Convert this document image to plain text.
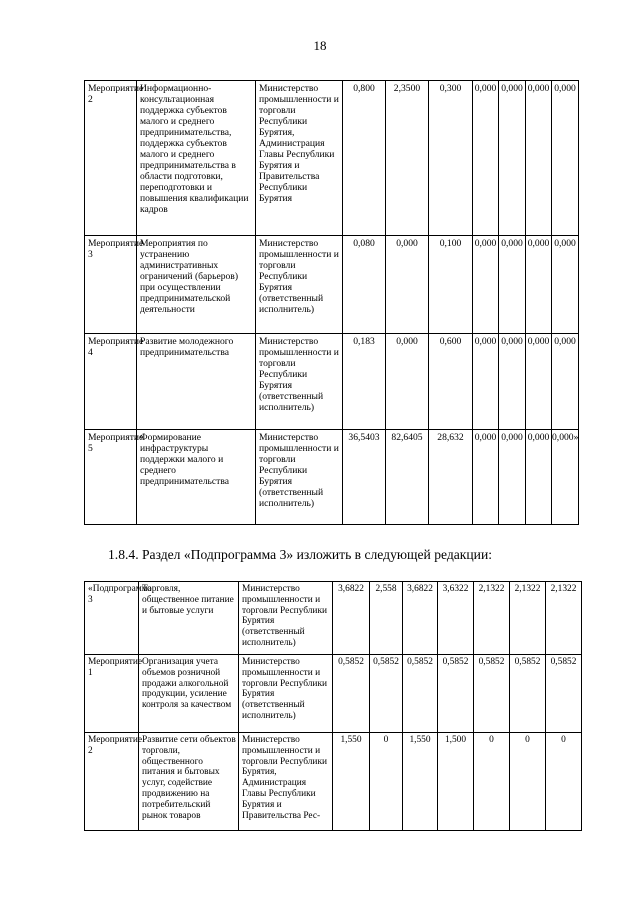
18
Мероприятие 2	Информационно-консультационная поддержка субъектов малого и среднего предпринимательства, поддержка субъектов малого и среднего предпринимательства в области подготовки, переподготовки и повышения квалификации кадров	Министерство промышленности и торговли Республики Бурятия, Администрация Главы Республики Бурятия и Правительства Республики Бурятия	0,800	2,3500	0,300	0,000	0,000	0,000	0,000
Мероприятие 3	Мероприятия по устранению административных ограничений (барьеров) при осуществлении предпринимательской деятельности	Министерство промышленности и торговли Республики Бурятия (ответственный исполнитель)	0,080	0,000	0,100	0,000	0,000	0,000	0,000
Мероприятие 4	Развитие молодежного предпринимательства	Министерство промышленности и торговли Республики Бурятия (ответственный исполнитель)	0,183	0,000	0,600	0,000	0,000	0,000	0,000
Мероприятие 5	Формирование инфраструктуры поддержки малого и среднего предпринимательства	Министерство промышленности и торговли Республики Бурятия (ответственный исполнитель)	36,5403	82,6405	28,632	0,000	0,000	0,000	0,000»
1.8.4. Раздел «Подпрограмма 3» изложить в следующей редакции:
«Подпрограмма 3	Торговля, общественное питание и бытовые услуги	Министерство промышленности и торговли Республики Бурятия (ответственный исполнитель)	3,6822	2,558	3,6822	3,6322	2,1322	2,1322	2,1322
Мероприятие 1	Организация учета объемов розничной продажи алкогольной продукции, усиление контроля за качеством	Министерство промышленности и торговли Республики Бурятия (ответственный исполнитель)	0,5852	0,5852	0,5852	0,5852	0,5852	0,5852	0,5852
Мероприятие 2	Развитие сети объектов торговли, общественного питания и бытовых услуг, содействие продвижению на потребительский рынок товаров	Министерство промышленности и торговли Республики Бурятия, Администрация Главы Республики Бурятия и Правительства Рес-	1,550	0	1,550	1,500	0	0	0
